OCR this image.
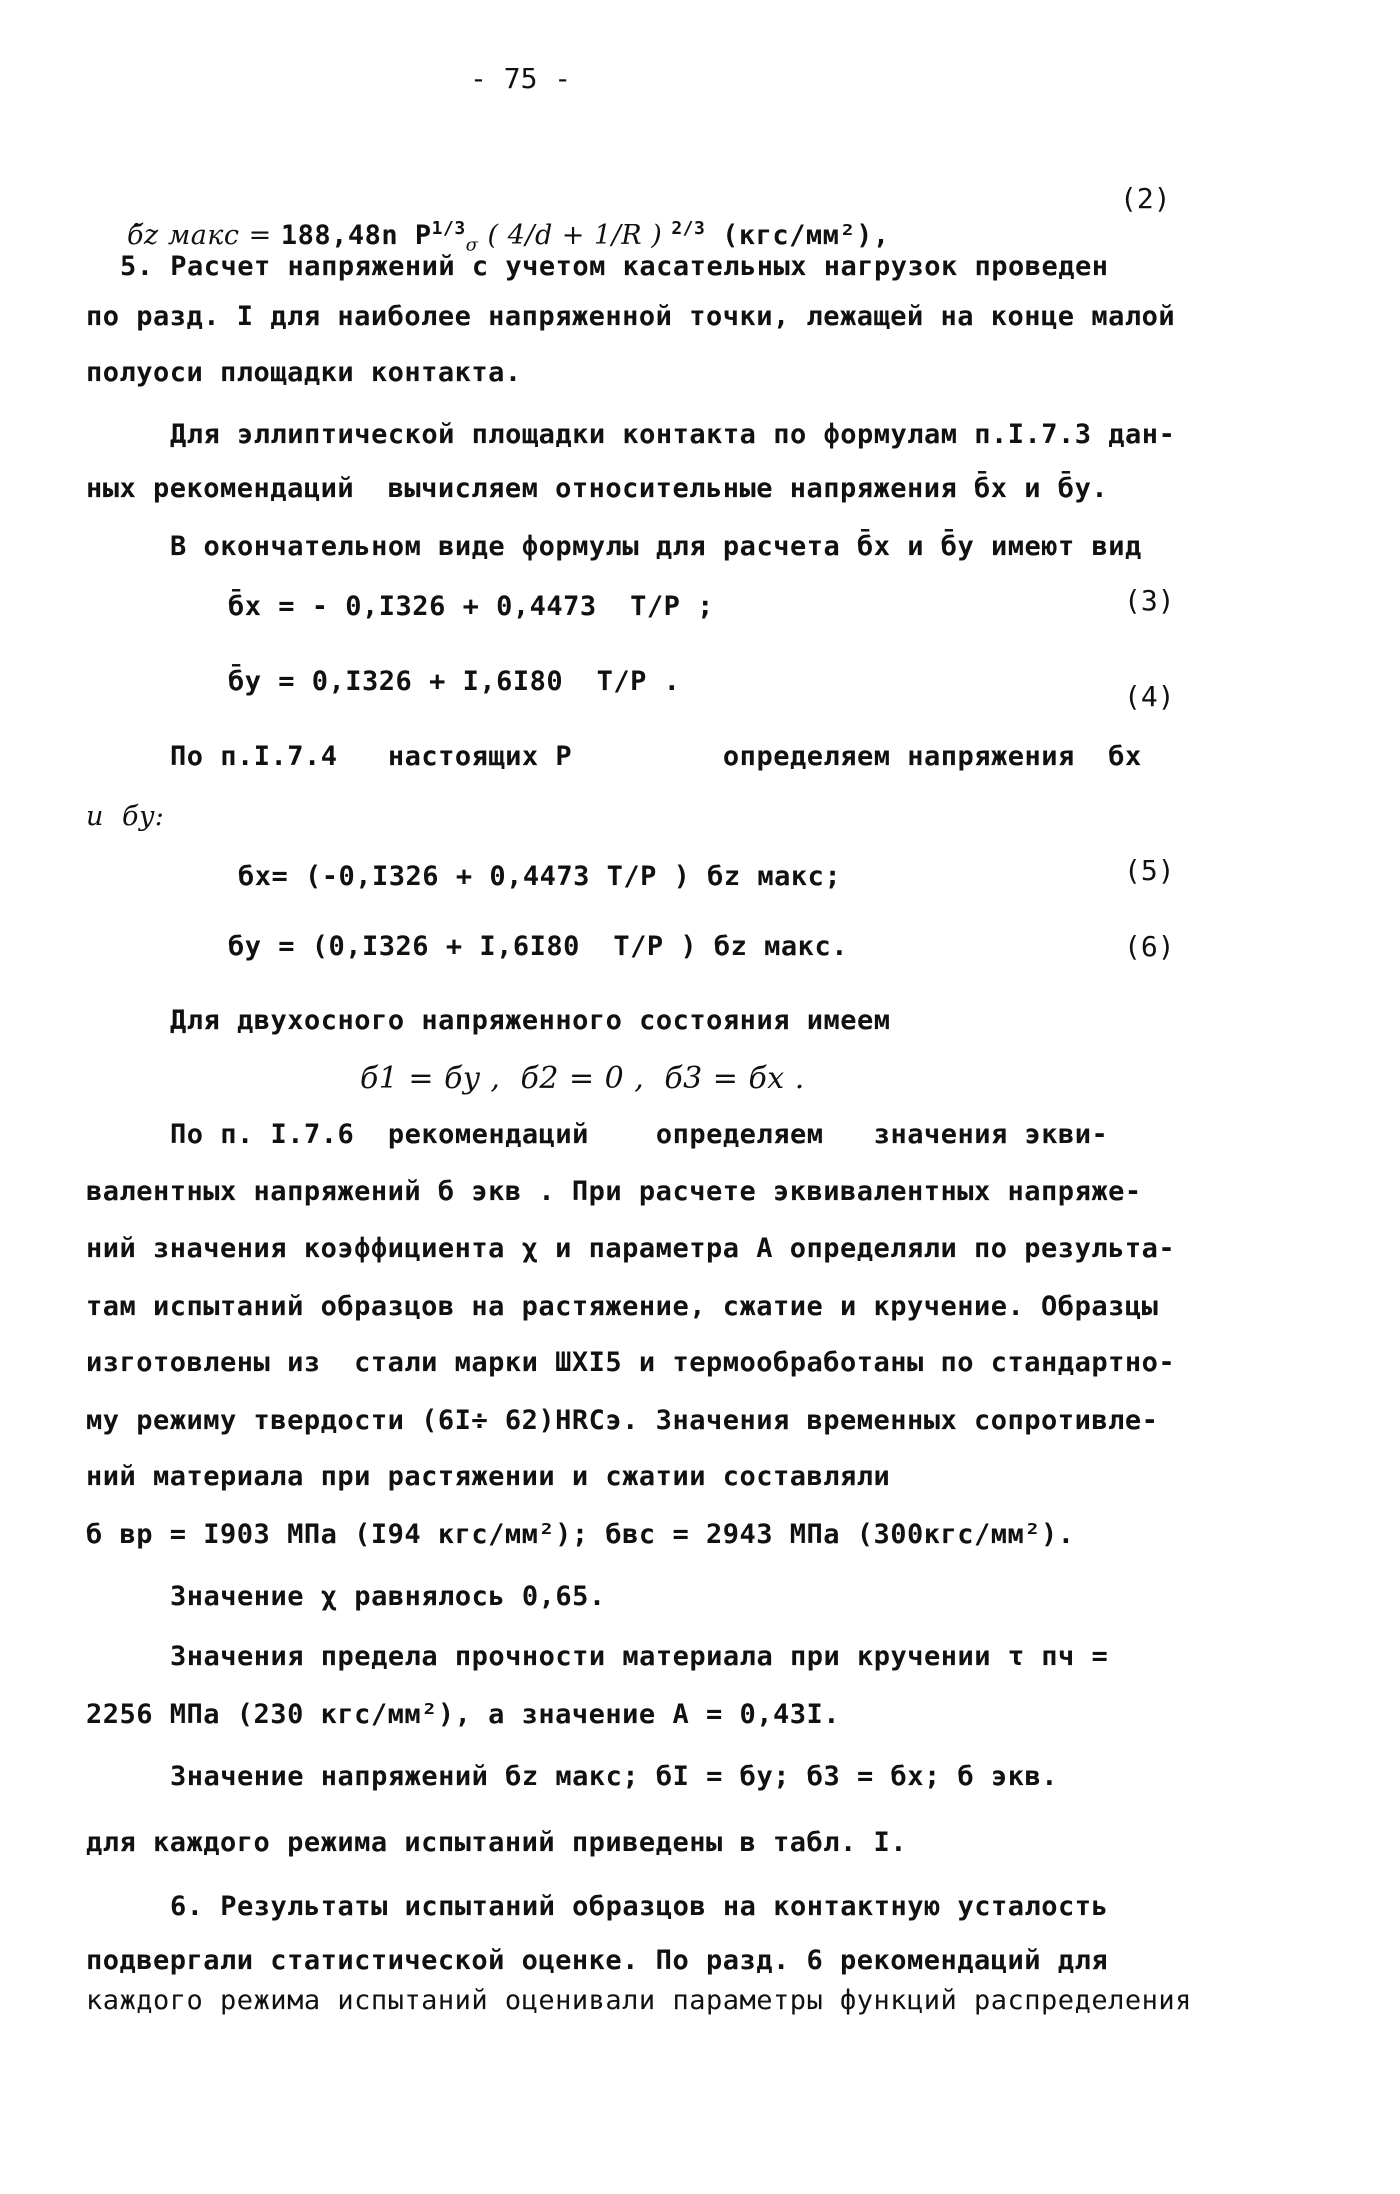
- 75 -

б̃z макс = 188,48n $P^{1/3}_\sigma$ ( 4/d + 1/R ) $^{2/3}$ (кгс/мм²),

(2)
5. Расчет напряжений с учетом касательных нагрузок проведен
по разд. I для наиболее напряженной точки, лежащей на конце малой
полуоси площадки контакта.
Для эллиптической площадки контакта по формулам п.I.7.3 дан-
ных рекомендаций  вычисляем относительные напряжения б̄x и б̄y.
В окончательном виде формулы для расчета б̄x и б̄y имеют вид
б̄x = - 0,I326 + 0,4473  T/P ;	(3)
б̄y = 0,I326 + I,6I80  T/P .	(4)
По п.I.7.4   настоящих Р         определяем напряжения  бx
и  бy:
бx= (-0,I326 + 0,4473 T/P ) бz макс;	(5)
бy = (0,I326 + I,6I80  T/P ) бz макс.	(6)
Для двухосного напряженного состояния имеем
б1 = бy ,  б2 = 0 ,  б3 = бx .
По п. I.7.6  рекомендаций    определяем   значения экви-
валентных напряжений б экв . При расчете эквивалентных напряже-
ний значения коэффициента χ и параметра А определяли по результа-
там испытаний образцов на растяжение, сжатие и кручение. Образцы
изготовлены из  стали марки ШХI5 и термообработаны по стандартно-
му режиму твердости (6I÷ 62)HRCэ. Значения временных сопротивле-
ний материала при растяжении и сжатии составляли
б вр = I903 МПа (I94 кгс/мм²); бвс = 2943 МПа (300кгс/мм²).
Значение χ равнялось 0,65.
Значения предела прочности материала при кручении τ пч =
2256 МПа (230 кгс/мм²), а значение А = 0,43I.
Значение напряжений бz макс; бI = бy; б3 = бx; б экв.
для каждого режима испытаний приведены в табл. I.
6. Результаты испытаний образцов на контактную усталость
подвергали статистической оценке. По разд. 6 рекомендаций для
каждого режима испытаний оценивали параметры функций распределения
